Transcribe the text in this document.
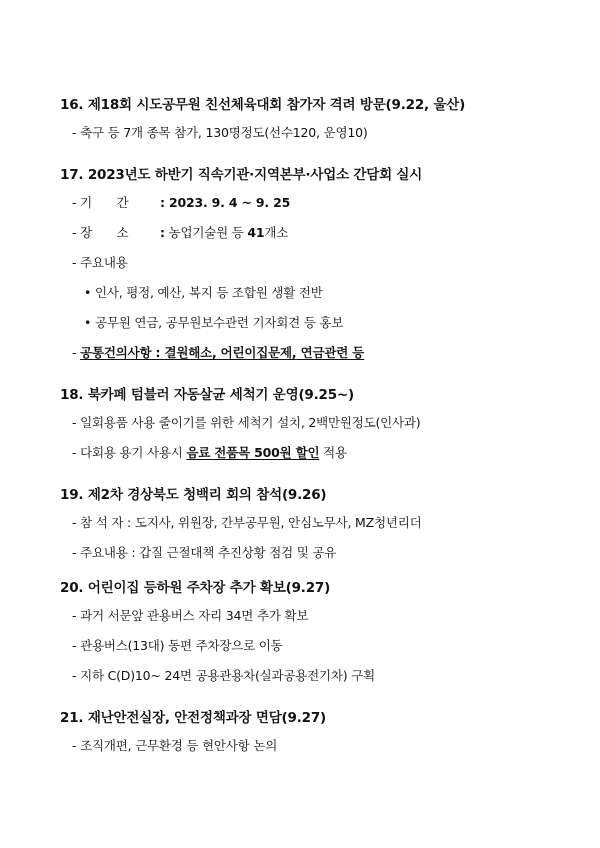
16. 제18회 시도공무원 친선체육대회 참가자 격려 방문(9.22, 울산)
- 축구 등 7개 종목 참가, 130명정도(선수120, 운영10)
17. 2023년도 하반기 직속기관·지역본부·사업소 간담회 실시
- 기　　간	: 2023. 9. 4 ~ 9. 25
- 장　　소	: 농업기술원 등 41개소
- 주요내용
• 인사, 평정, 예산, 복지 등 조합원 생활 전반
• 공무원 연금, 공무원보수관련 기자회견 등 홍보
- 공통건의사항 : 결원해소, 어린이집문제, 연금관련 등
18. 북카페 텀블러 자동살균 세척기 운영(9.25~)
- 일회용품 사용 줄이기를 위한 세척기 설치, 2백만원정도(인사과)
- 다회용 용기 사용시 음료 전품목 500원 할인 적용
19. 제2차 경상북도 청백리 회의 참석(9.26)
- 참 석 자 : 도지사, 위원장, 간부공무원, 안심노무사, MZ청년리더
- 주요내용 : 갑질 근절대책 추진상황 점검 및 공유
20. 어린이집 등하원 주차장 추가 확보(9.27)
- 과거 서문앞 관용버스 자리 34면 추가 확보
- 관용버스(13대) 동편 주차장으로 이동
- 지하 C(D)10~ 24면 공용관용차(실과공용전기차) 구획
21. 재난안전실장, 안전정책과장 면담(9.27)
- 조직개편, 근무환경 등 현안사항 논의
